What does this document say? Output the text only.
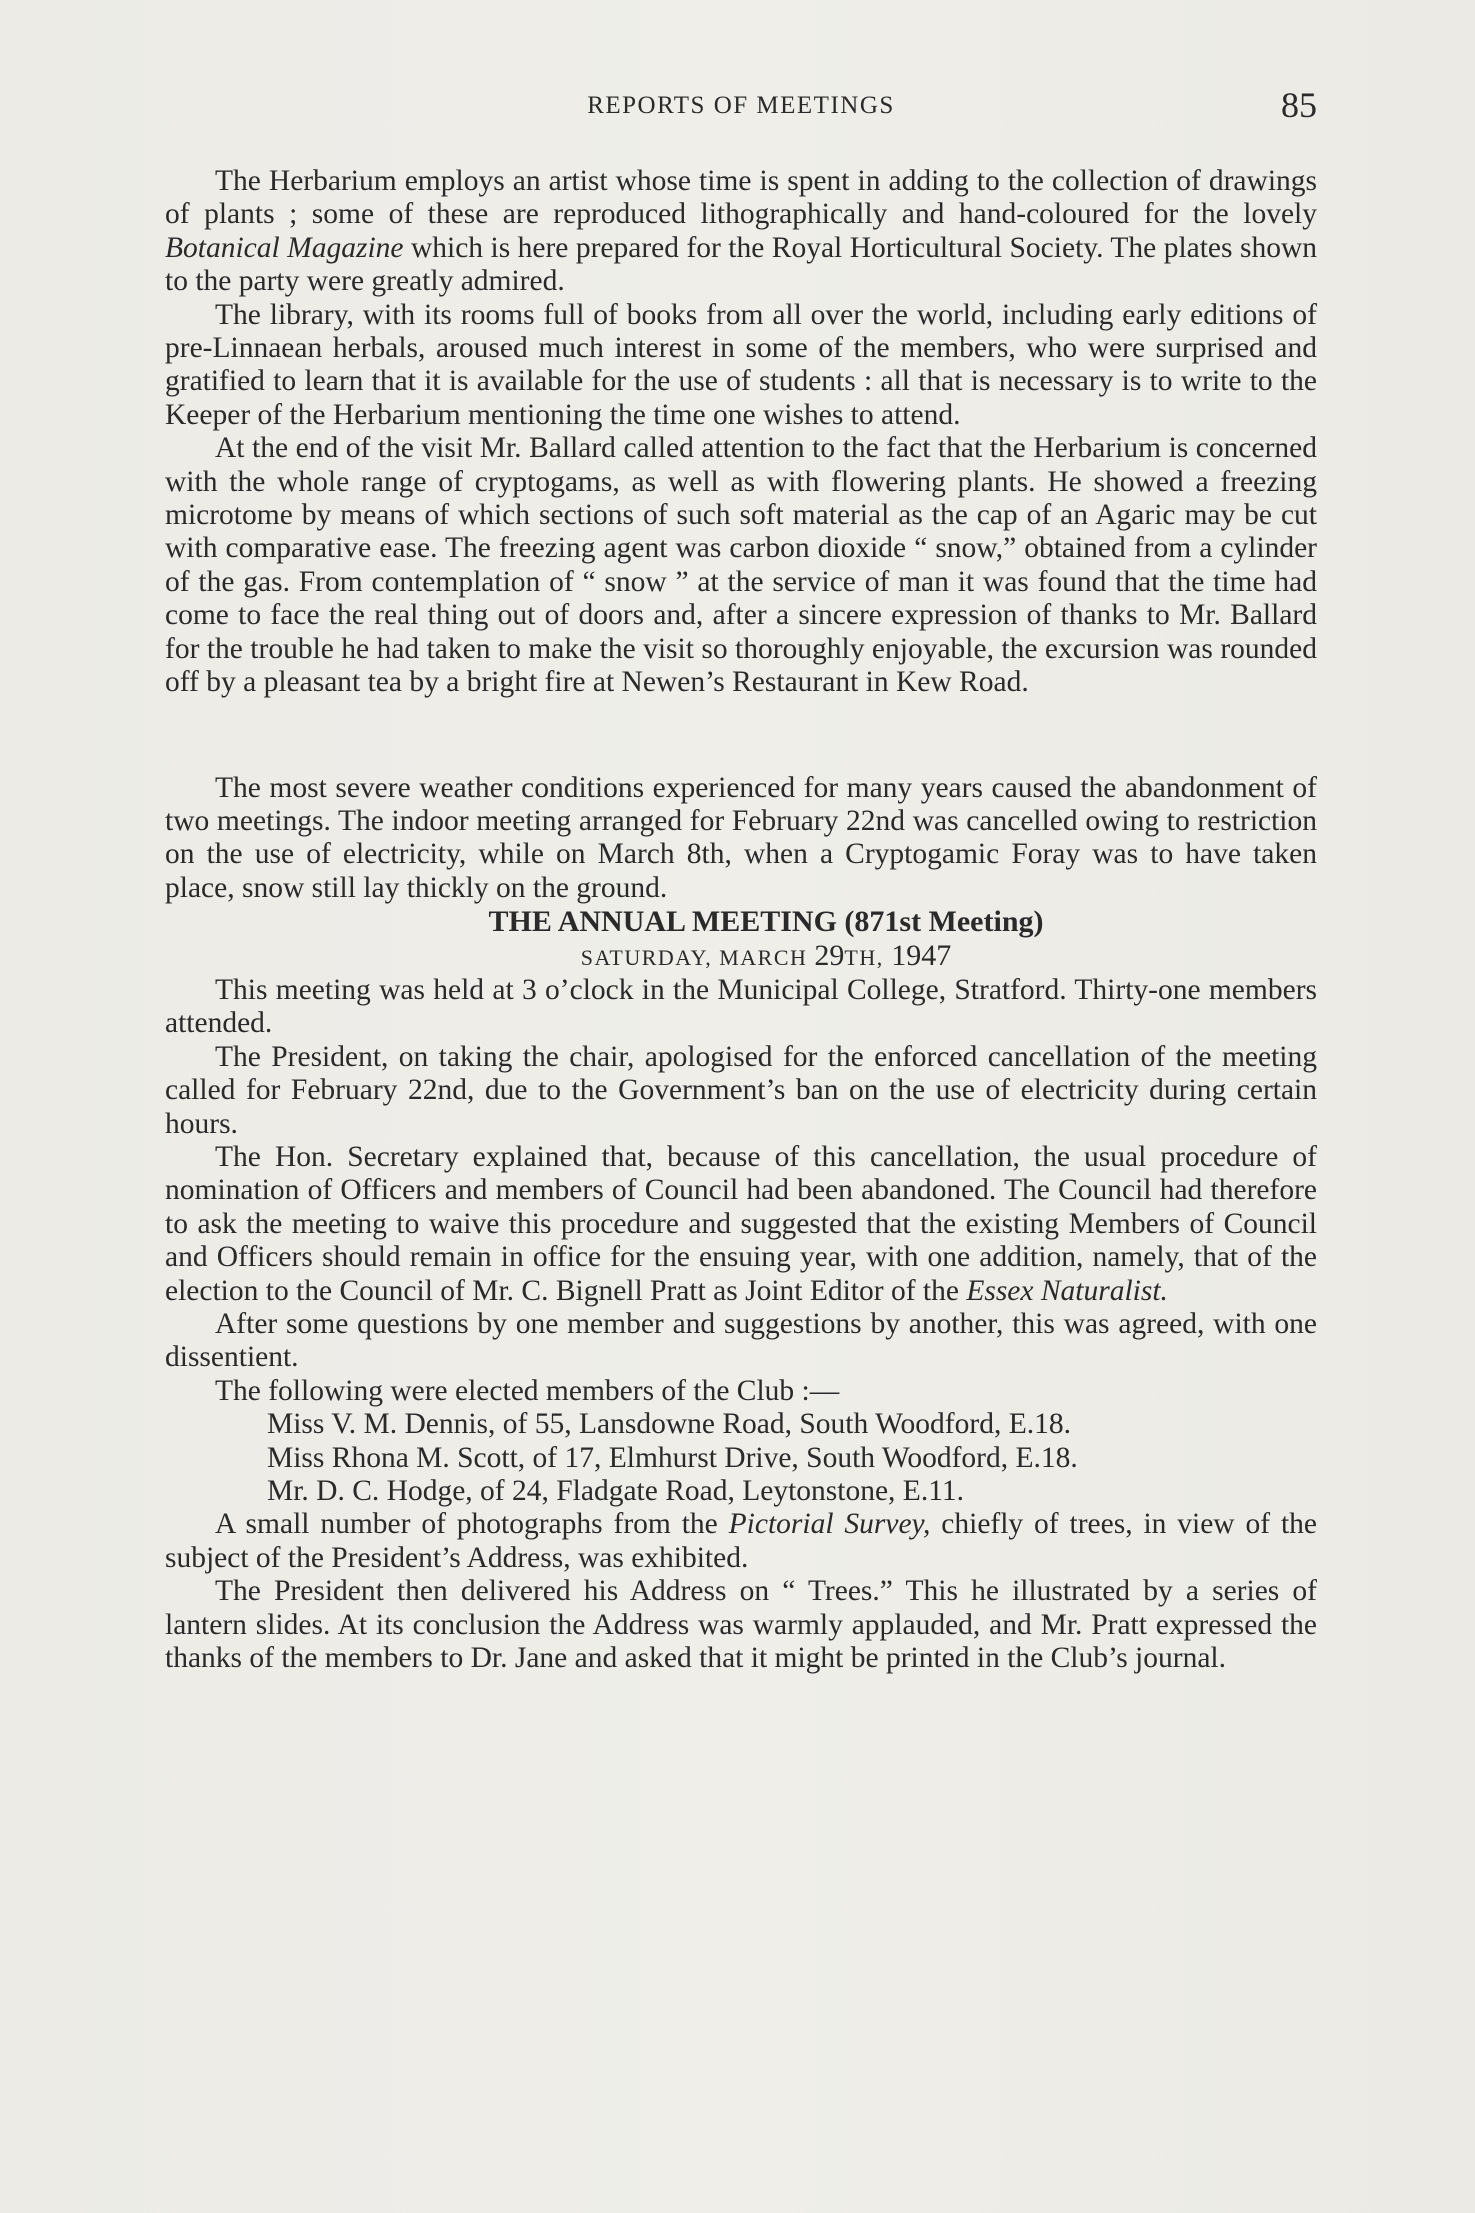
REPORTS OF MEETINGS	85

The Herbarium employs an artist whose time is spent in adding to the collection of drawings of plants ; some of these are reproduced lithographically and hand-coloured for the lovely Botanical Magazine which is here prepared for the Royal Horticultural Society. The plates shown to the party were greatly admired.

The library, with its rooms full of books from all over the world, including early editions of pre-Linnaean herbals, aroused much interest in some of the members, who were surprised and gratified to learn that it is available for the use of students : all that is necessary is to write to the Keeper of the Herbarium mentioning the time one wishes to attend.

At the end of the visit Mr. Ballard called attention to the fact that the Herbarium is concerned with the whole range of cryptogams, as well as with flowering plants. He showed a freezing microtome by means of which sections of such soft material as the cap of an Agaric may be cut with comparative ease. The freezing agent was carbon dioxide “ snow,” obtained from a cylinder of the gas. From contemplation of “ snow ” at the service of man it was found that the time had come to face the real thing out of doors and, after a sincere expression of thanks to Mr. Ballard for the trouble he had taken to make the visit so thoroughly enjoyable, the excursion was rounded off by a pleasant tea by a bright fire at Newen’s Restaurant in Kew Road.

The most severe weather conditions experienced for many years caused the abandonment of two meetings. The indoor meeting arranged for February 22nd was cancelled owing to restriction on the use of electricity, while on March 8th, when a Cryptogamic Foray was to have taken place, snow still lay thickly on the ground.

THE ANNUAL MEETING (871st Meeting)

SATURDAY, MARCH 29TH, 1947

This meeting was held at 3 o’clock in the Municipal College, Stratford. Thirty-one members attended.

The President, on taking the chair, apologised for the enforced cancellation of the meeting called for February 22nd, due to the Government’s ban on the use of electricity during certain hours.

The Hon. Secretary explained that, because of this cancellation, the usual procedure of nomination of Officers and members of Council had been abandoned. The Council had therefore to ask the meeting to waive this procedure and suggested that the existing Members of Council and Officers should remain in office for the ensuing year, with one addition, namely, that of the election to the Council of Mr. C. Bignell Pratt as Joint Editor of the Essex Naturalist.

After some questions by one member and suggestions by another, this was agreed, with one dissentient.

The following were elected members of the Club :—

Miss V. M. Dennis, of 55, Lansdowne Road, South Woodford, E.18.
Miss Rhona M. Scott, of 17, Elmhurst Drive, South Woodford, E.18.
Mr. D. C. Hodge, of 24, Fladgate Road, Leytonstone, E.11.

A small number of photographs from the Pictorial Survey, chiefly of trees, in view of the subject of the President’s Address, was exhibited.

The President then delivered his Address on “ Trees.” This he illustrated by a series of lantern slides. At its conclusion the Address was warmly applauded, and Mr. Pratt expressed the thanks of the members to Dr. Jane and asked that it might be printed in the Club’s journal.
